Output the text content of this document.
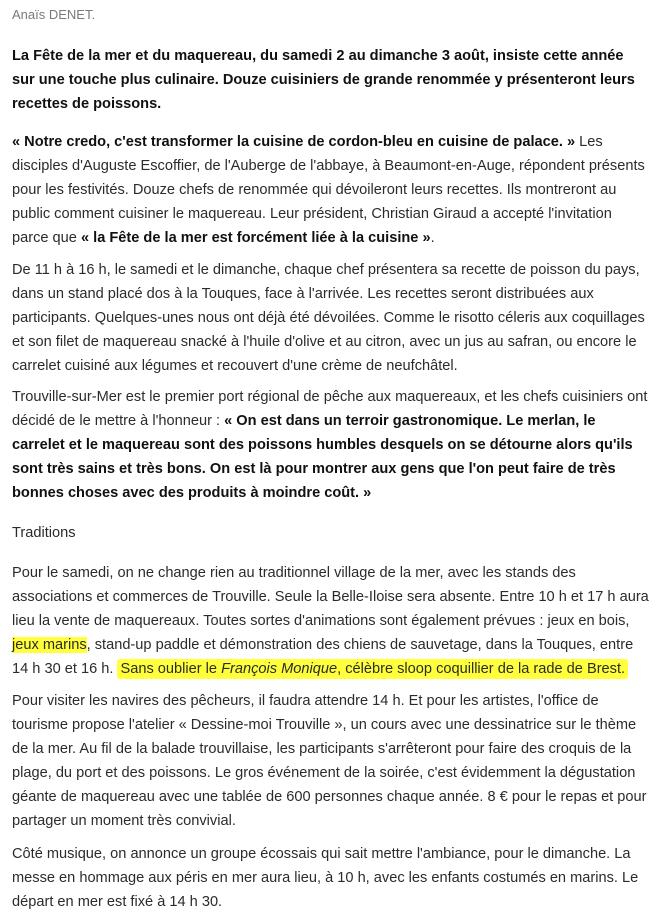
Anaïs DENET.

La Fête de la mer et du maquereau, du samedi 2 au dimanche 3 août, insiste cette année
sur une touche plus culinaire. Douze cuisiniers de grande renommée y présenteront leurs
recettes de poissons.

« Notre credo, c'est transformer la cuisine de cordon-bleu en cuisine de palace. » Les
disciples d'Auguste Escoffier, de l'Auberge de l'abbaye, à Beaumont-en-Auge, répondent présents
pour les festivités. Douze chefs de renommée qui dévoileront leurs recettes. Ils montreront au
public comment cuisiner le maquereau. Leur président, Christian Giraud a accepté l'invitation
parce que « la Fête de la mer est forcément liée à la cuisine ».

De 11 h à 16 h, le samedi et le dimanche, chaque chef présentera sa recette de poisson du pays,
dans un stand placé dos à la Touques, face à l'arrivée. Les recettes seront distribuées aux
participants. Quelques-unes nous ont déjà été dévoilées. Comme le risotto céleris aux coquillages
et son filet de maquereau snacké à l'huile d'olive et au citron, avec un jus au safran, ou encore le
carrelet cuisiné aux légumes et recouvert d'une crème de neufchâtel.

Trouville-sur-Mer est le premier port régional de pêche aux maquereaux, et les chefs cuisiniers ont
décidé de le mettre à l'honneur : « On est dans un terroir gastronomique. Le merlan, le
carrelet et le maquereau sont des poissons humbles desquels on se détourne alors qu'ils
sont très sains et très bons. On est là pour montrer aux gens que l'on peut faire de très
bonnes choses avec des produits à moindre coût. »

Traditions

Pour le samedi, on ne change rien au traditionnel village de la mer, avec les stands des
associations et commerces de Trouville. Seule la Belle-Iloise sera absente. Entre 10 h et 17 h aura
lieu la vente de maquereaux. Toutes sortes d'animations sont également prévues : jeux en bois,
jeux marins, stand-up paddle et démonstration des chiens de sauvetage, dans la Touques, entre
14 h 30 et 16 h. Sans oublier le François Monique, célèbre sloop coquillier de la rade de Brest.

Pour visiter les navires des pêcheurs, il faudra attendre 14 h. Et pour les artistes, l'office de
tourisme propose l'atelier « Dessine-moi Trouville », un cours avec une dessinatrice sur le thème
de la mer. Au fil de la balade trouvillaise, les participants s'arrêteront pour faire des croquis de la
plage, du port et des poissons. Le gros événement de la soirée, c'est évidemment la dégustation
géante de maquereau avec une tablée de 600 personnes chaque année. 8 € pour le repas et pour
partager un moment très convivial.

Côté musique, on annonce un groupe écossais qui sait mettre l'ambiance, pour le dimanche. La
messe en hommage aux péris en mer aura lieu, à 10 h, avec les enfants costumés en marins. Le
départ en mer est fixé à 14 h 30.
